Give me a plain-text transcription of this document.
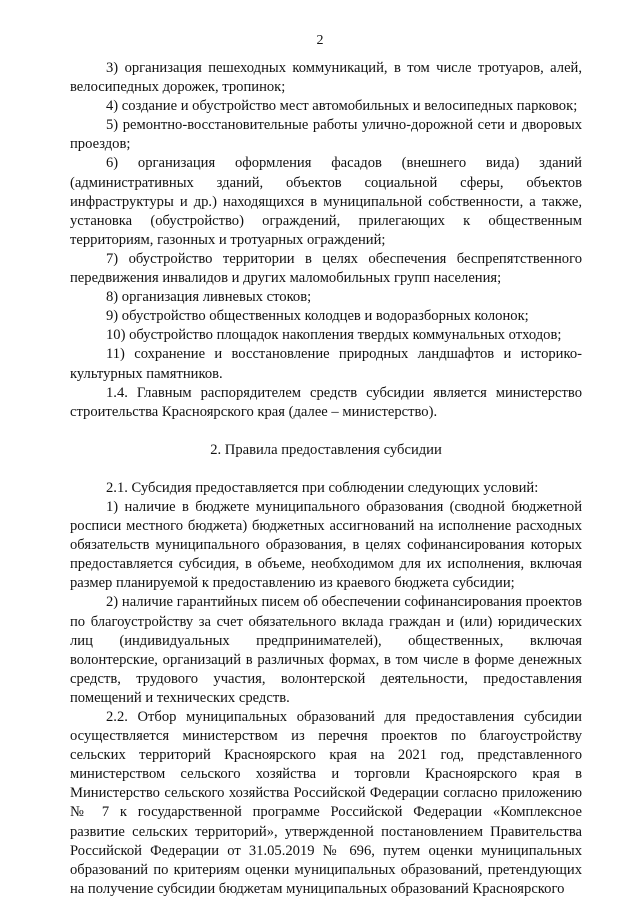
2

3) организация пешеходных коммуникаций, в том числе тротуаров, алей, велосипедных дорожек, тропинок;

4) создание и обустройство мест автомобильных и велосипедных парковок;

5) ремонтно-восстановительные работы улично-дорожной сети и дворовых проездов;

6) организация оформления фасадов (внешнего вида) зданий (административных зданий, объектов социальной сферы, объектов инфраструктуры и др.) находящихся в муниципальной собственности, а также, установка (обустройство) ограждений, прилегающих к общественным территориям, газонных и тротуарных ограждений;

7) обустройство территории в целях обеспечения беспрепятственного передвижения инвалидов и других маломобильных групп населения;

8) организация ливневых стоков;

9) обустройство общественных колодцев и водоразборных колонок;

10) обустройство площадок накопления твердых коммунальных отходов;

11) сохранение и восстановление природных ландшафтов и историко-культурных памятников.

1.4. Главным распорядителем средств субсидии является министерство строительства Красноярского края (далее – министерство).

2. Правила предоставления субсидии

2.1. Субсидия предоставляется при соблюдении следующих условий:

1) наличие в бюджете муниципального образования (сводной бюджетной росписи местного бюджета) бюджетных ассигнований на исполнение расходных обязательств муниципального образования, в целях софинансирования которых предоставляется субсидия, в объеме, необходимом для их исполнения, включая размер планируемой к предоставлению из краевого бюджета субсидии;

2) наличие гарантийных писем об обеспечении софинансирования проектов по благоустройству за счет обязательного вклада граждан и (или) юридических лиц (индивидуальных предпринимателей), общественных, включая волонтерские, организаций в различных формах, в том числе в форме денежных средств, трудового участия, волонтерской деятельности, предоставления помещений и технических средств.

2.2. Отбор муниципальных образований для предоставления субсидии осуществляется министерством из перечня проектов по благоустройству сельских территорий Красноярского края на 2021 год, представленного министерством сельского хозяйства и торговли Красноярского края в Министерство сельского хозяйства Российской Федерации согласно приложению № 7 к государственной программе Российской Федерации «Комплексное развитие сельских территорий», утвержденной постановлением Правительства Российской Федерации от 31.05.2019 № 696, путем оценки муниципальных образований по критериям оценки муниципальных образований, претендующих на получение субсидии бюджетам муниципальных образований Красноярского
